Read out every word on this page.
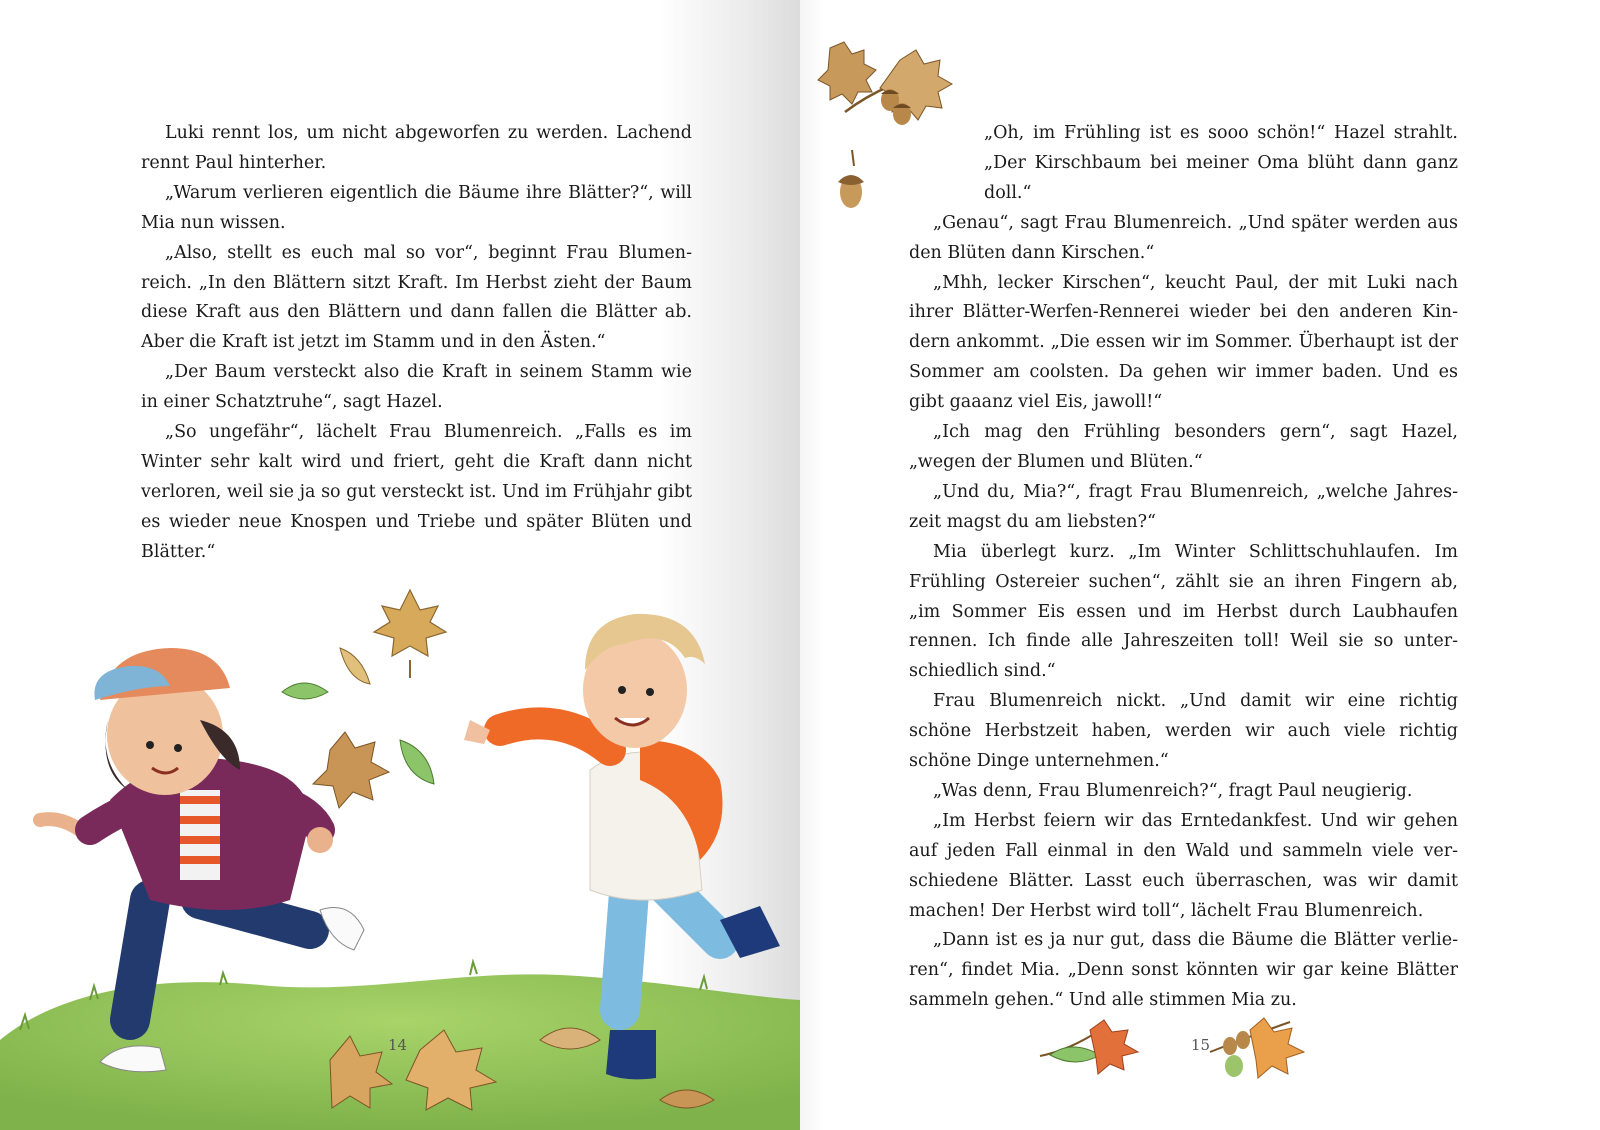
Luki rennt los, um nicht abgeworfen zu werden. Lachend rennt Paul hinterher.

„Warum verlieren eigentlich die Bäume ihre Blätter?“, will Mia nun wissen.

„Also, stellt es euch mal so vor“, beginnt Frau Blumenreich. „In den Blättern sitzt Kraft. Im Herbst zieht der Baum diese Kraft aus den Blättern und dann fallen die Blätter ab. Aber die Kraft ist jetzt im Stamm und in den Ästen.“

„Der Baum versteckt also die Kraft in seinem Stamm wie in einer Schatztruhe“, sagt Hazel.

„So ungefähr“, lächelt Frau Blumenreich. „Falls es im Winter sehr kalt wird und friert, geht die Kraft dann nicht verloren, weil sie ja so gut versteckt ist. Und im Frühjahr gibt es wieder neue Knospen und Triebe und später Blüten und Blätter.“

14

„Oh, im Frühling ist es sooo schön!“ Hazel strahlt. „Der Kirschbaum bei meiner Oma blüht dann ganz doll.“

„Genau“, sagt Frau Blumenreich. „Und später werden aus den Blüten dann Kirschen.“

„Mhh, lecker Kirschen“, keucht Paul, der mit Luki nach ihrer Blätter-Werfen-Rennerei wieder bei den anderen Kindern ankommt. „Die essen wir im Sommer. Überhaupt ist der Sommer am coolsten. Da gehen wir immer baden. Und es gibt gaaanz viel Eis, jawoll!“

„Ich mag den Frühling besonders gern“, sagt Hazel, „wegen der Blumen und Blüten.“

„Und du, Mia?“, fragt Frau Blumenreich, „welche Jahreszeit magst du am liebsten?“

Mia überlegt kurz. „Im Winter Schlittschuhlaufen. Im Frühling Ostereier suchen“, zählt sie an ihren Fingern ab, „im Sommer Eis essen und im Herbst durch Laubhaufen rennen. Ich finde alle Jahreszeiten toll! Weil sie so unterschiedlich sind.“

Frau Blumenreich nickt. „Und damit wir eine richtig schöne Herbstzeit haben, werden wir auch viele richtig schöne Dinge unternehmen.“

„Was denn, Frau Blumenreich?“, fragt Paul neugierig.

„Im Herbst feiern wir das Erntedankfest. Und wir gehen auf jeden Fall einmal in den Wald und sammeln viele verschiedene Blätter. Lasst euch überraschen, was wir damit machen! Der Herbst wird toll“, lächelt Frau Blumenreich.

„Dann ist es ja nur gut, dass die Bäume die Blätter verlieren“, findet Mia. „Denn sonst könnten wir gar keine Blätter sammeln gehen.“ Und alle stimmen Mia zu.

15
